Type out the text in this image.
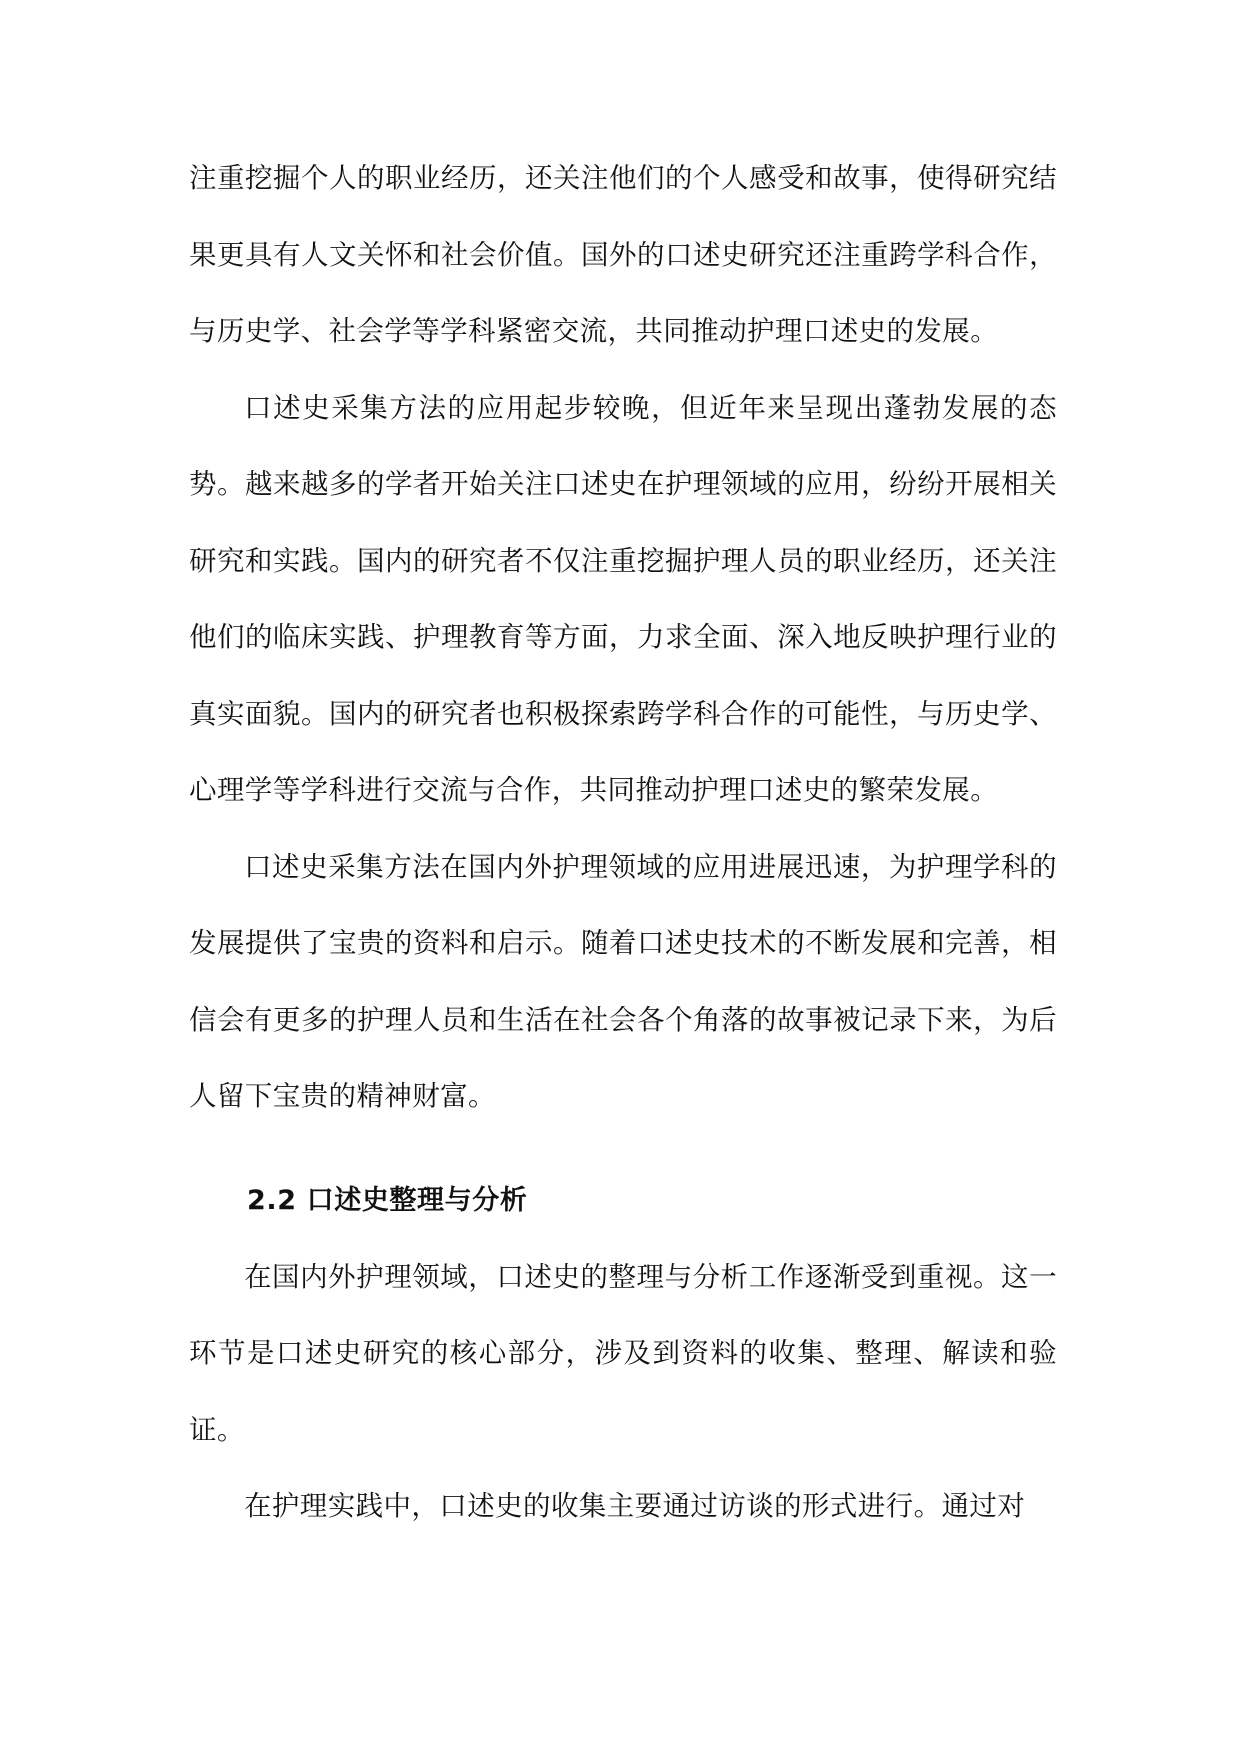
注重挖掘个人的职业经历，还关注他们的个人感受和故事，使得研究结果更具有人文关怀和社会价值。国外的口述史研究还注重跨学科合作，与历史学、社会学等学科紧密交流，共同推动护理口述史的发展。

口述史采集方法的应用起步较晚，但近年来呈现出蓬勃发展的态势。越来越多的学者开始关注口述史在护理领域的应用，纷纷开展相关研究和实践。国内的研究者不仅注重挖掘护理人员的职业经历，还关注他们的临床实践、护理教育等方面，力求全面、深入地反映护理行业的真实面貌。国内的研究者也积极探索跨学科合作的可能性，与历史学、心理学等学科进行交流与合作，共同推动护理口述史的繁荣发展。

口述史采集方法在国内外护理领域的应用进展迅速，为护理学科的发展提供了宝贵的资料和启示。随着口述史技术的不断发展和完善，相信会有更多的护理人员和生活在社会各个角落的故事被记录下来，为后人留下宝贵的精神财富。

2.2 口述史整理与分析

在国内外护理领域，口述史的整理与分析工作逐渐受到重视。这一环节是口述史研究的核心部分，涉及到资料的收集、整理、解读和验证。

在护理实践中，口述史的收集主要通过访谈的形式进行。通过对
